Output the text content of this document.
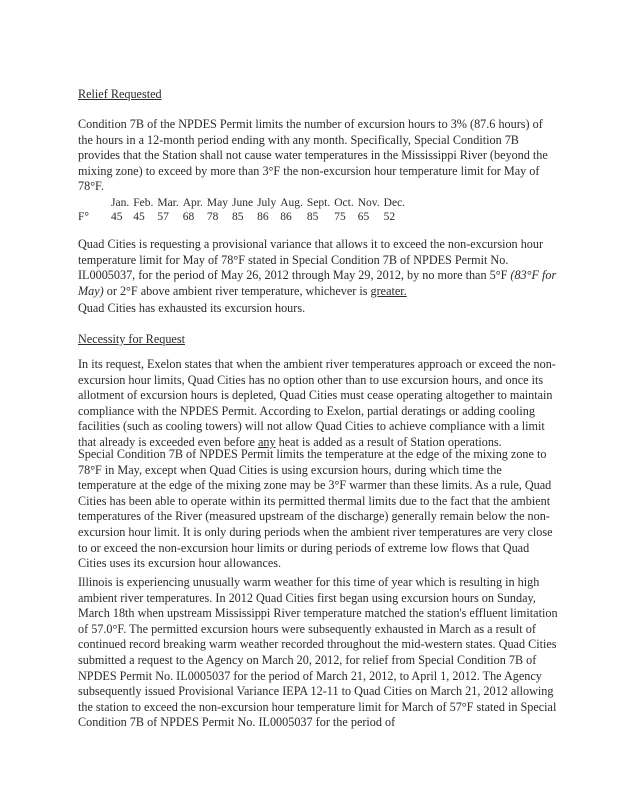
Relief Requested

Condition 7B of the NPDES Permit limits the number of excursion hours to 3% (87.6 hours) of the hours in a 12-month period ending with any month. Specifically, Special Condition 7B provides that the Station shall not cause water temperatures in the Mississippi River (beyond the mixing zone) to exceed by more than 3°F the non-excursion hour temperature limit for May of 78°F.

	Jan.	Feb.	Mar.	Apr.	May	June	July	Aug.	Sept.	Oct.	Nov.	Dec.
F°	45	45	57	68	78	85	86	86	85	75	65	52

Quad Cities is requesting a provisional variance that allows it to exceed the non-excursion hour temperature limit for May of 78°F stated in Special Condition 7B of NPDES Permit No. IL0005037, for the period of May 26, 2012 through May 29, 2012, by no more than 5°F (83°F for May) or 2°F above ambient river temperature, whichever is greater.

Quad Cities has exhausted its excursion hours.

Necessity for Request

In its request, Exelon states that when the ambient river temperatures approach or exceed the non-excursion hour limits, Quad Cities has no option other than to use excursion hours, and once its allotment of excursion hours is depleted, Quad Cities must cease operating altogether to maintain compliance with the NPDES Permit. According to Exelon, partial deratings or adding cooling facilities (such as cooling towers) will not allow Quad Cities to achieve compliance with a limit that already is exceeded even before any heat is added as a result of Station operations.

Special Condition 7B of NPDES Permit limits the temperature at the edge of the mixing zone to 78°F in May, except when Quad Cities is using excursion hours, during which time the temperature at the edge of the mixing zone may be 3°F warmer than these limits. As a rule, Quad Cities has been able to operate within its permitted thermal limits due to the fact that the ambient temperatures of the River (measured upstream of the discharge) generally remain below the non-excursion hour limit. It is only during periods when the ambient river temperatures are very close to or exceed the non-excursion hour limits or during periods of extreme low flows that Quad Cities uses its excursion hour allowances.

Illinois is experiencing unusually warm weather for this time of year which is resulting in high ambient river temperatures. In 2012 Quad Cities first began using excursion hours on Sunday, March 18th when upstream Mississippi River temperature matched the station's effluent limitation of 57.0°F. The permitted excursion hours were subsequently exhausted in March as a result of continued record breaking warm weather recorded throughout the mid-western states. Quad Cities submitted a request to the Agency on March 20, 2012, for relief from Special Condition 7B of NPDES Permit No. IL0005037 for the period of March 21, 2012, to April 1, 2012. The Agency subsequently issued Provisional Variance IEPA 12-11 to Quad Cities on March 21, 2012 allowing the station to exceed the non-excursion hour temperature limit for March of 57°F stated in Special Condition 7B of NPDES Permit No. IL0005037 for the period of
